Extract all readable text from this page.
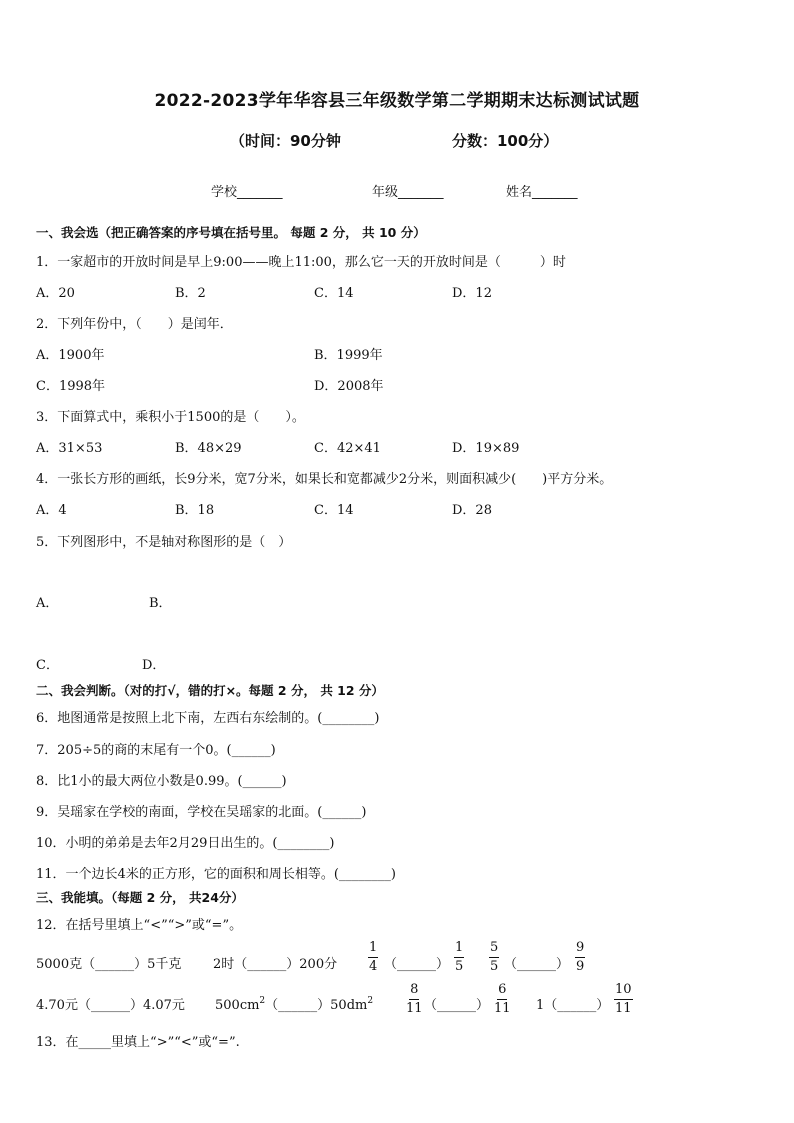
2022-2023学年华容县三年级数学第二学期期末达标测试试题
（时间：90分钟	分数：100分）
学校_______	年级_______	姓名_______
一、我会选（把正确答案的序号填在括号里。 每题 2 分， 共 10 分）
1．一家超市的开放时间是早上9:00——晚上11:00，那么它一天的开放时间是（　　　）时
A．20	B．2	C．14	D．12
2．下列年份中，（　　）是闰年．
A．1900年	B．1999年
C．1998年	D．2008年
3．下面算式中，乘积小于1500的是（　　）。
A．31×53	B．48×29	C．42×41	D．19×89
4．一张长方形的画纸，长9分米，宽7分米，如果长和宽都减少2分米，则面积减少(　　)平方分米。
A．4	B．18	C．14	D．28
5．下列图形中，不是轴对称图形的是（　）
A．	B．
C．	D．
二、我会判断。（对的打√，错的打×。每题 2 分， 共 12 分）
6．地图通常是按照上北下南，左西右东绘制的。(________)
7．205÷5的商的末尾有一个0。(______)
8．比1小的最大两位小数是0.99。(______)
9．吴瑶家在学校的南面，学校在吴瑶家的北面。(______)
10．小明的弟弟是去年2月29日出生的。(________)
11．一个边长4米的正方形，它的面积和周长相等。(________)
三、我能填。（每题 2 分， 共24分）
12．在括号里填上“<”“>”或“=”。
5000克（______）5千克 2时（______）200分 $\frac{1}{4}$ （______） $\frac{1}{5} \frac{5}{5}$ （______） $\frac{9}{9}$
4.70元（______）4.07元 $500cm^2(\_\_\_\_\_\_)50dm^2$	$\frac{8}{11}$ （______） $\frac{6}{11}$ 1（______） $\frac{10}{11}$
13．在_____里填上“>”“<”或“=”.
